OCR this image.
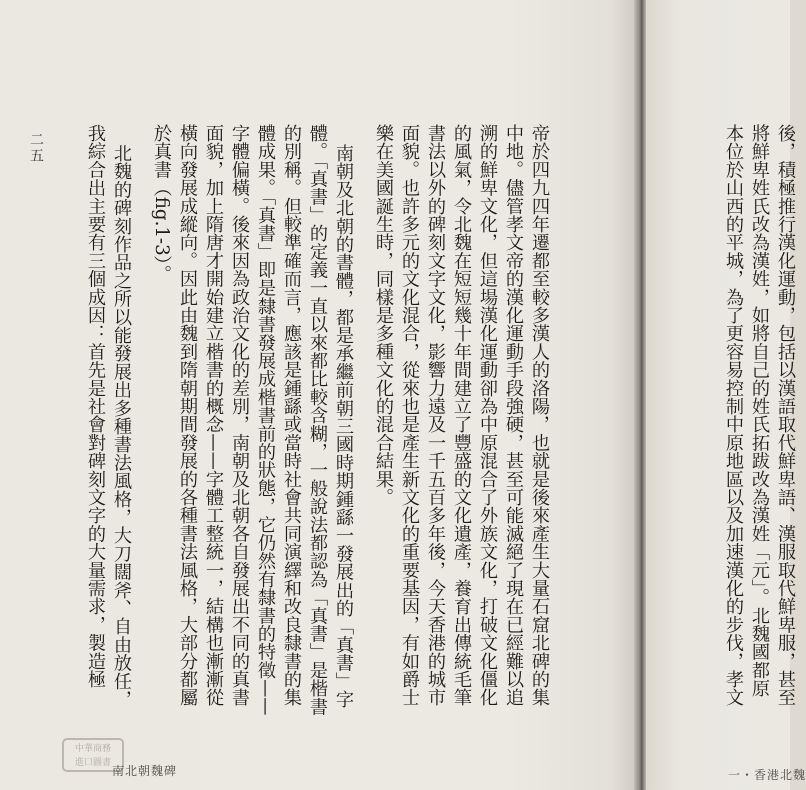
二五	帝於四九四年遷都至較多漢人的洛陽，也就是後來產生大量石窟北碑的集
中地。儘管孝文帝的漢化運動手段強硬，甚至可能滅絕了現在已經難以追
溯的鮮卑文化，但這場漢化運動卻為中原混合了外族文化，打破文化僵化
的風氣，令北魏在短短幾十年間建立了豐盛的文化遺產，養育出傳統毛筆
書法以外的碑刻文字文化，影響力遠及一千五百多年後，今天香港的城市
面貌。也許多元的文化混合，從來也是產生新文化的重要基因，有如爵士
樂在美國誕生時，同樣是多種文化的混合結果。
南朝及北朝的書體，都是承繼前朝三國時期鍾繇一發展出的「真書」字
體。「真書」的定義一直以來都比較含糊，一般說法都認為「真書」是楷書
的別稱。但較準確而言，應該是鍾繇或當時社會共同演繹和改良隸書的集
體成果。「真書」即是隸書發展成楷書前的狀態，它仍然有隸書的特徵——
字體偏橫。後來因為政治文化的差別，南朝及北朝各自發展出不同的真書
面貌，加上隋唐才開始建立楷書的概念——字體工整統一，結構也漸漸從
橫向發展成縱向。因此由魏到隋朝期間發展的各種書法風格，大部分都屬
於真書（fig.1-3）。
北魏的碑刻作品之所以能發展出多種書法風格，大刀闊斧、自由放任，
我綜合出主要有三個成因：首先是社會對碑刻文字的大量需求，製造極
中華商務
進口圖書
南北朝魏碑
後，積極推行漢化運動，包括以漢語取代鮮卑語、漢服取代鮮卑服，甚至
將鮮卑姓氏改為漢姓，如將自己的姓氏拓跋改為漢姓「元」。北魏國都原
本位於山西的平城，為了更容易控制中原地區以及加速漢化的步伐，孝文
一・香港北魏
